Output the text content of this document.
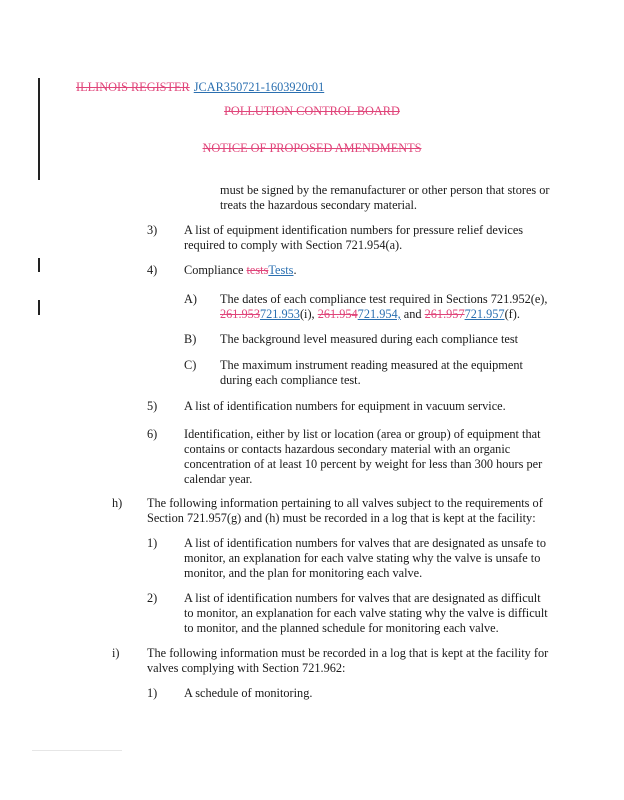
ILLINOIS REGISTER JCAR350721-1603920r01
POLLUTION CONTROL BOARD
NOTICE OF PROPOSED AMENDMENTS
must be signed by the remanufacturer or other person that stores or
treats the hazardous secondary material.
3) A list of equipment identification numbers for pressure relief devices
required to comply with Section 721.954(a).
4) Compliance testsTests.
A) The dates of each compliance test required in Sections 721.952(e),
261.953721.953(i), 261.954721.954, and 261.957721.957(f).
B) The background level measured during each compliance test
C) The maximum instrument reading measured at the equipment
during each compliance test.
5) A list of identification numbers for equipment in vacuum service.
6) Identification, either by list or location (area or group) of equipment that
contains or contacts hazardous secondary material with an organic
concentration of at least 10 percent by weight for less than 300 hours per
calendar year.
h) The following information pertaining to all valves subject to the requirements of
Section 721.957(g) and (h) must be recorded in a log that is kept at the facility:
1) A list of identification numbers for valves that are designated as unsafe to
monitor, an explanation for each valve stating why the valve is unsafe to
monitor, and the plan for monitoring each valve.
2) A list of identification numbers for valves that are designated as difficult
to monitor, an explanation for each valve stating why the valve is difficult
to monitor, and the planned schedule for monitoring each valve.
i) The following information must be recorded in a log that is kept at the facility for
valves complying with Section 721.962:
1) A schedule of monitoring.
